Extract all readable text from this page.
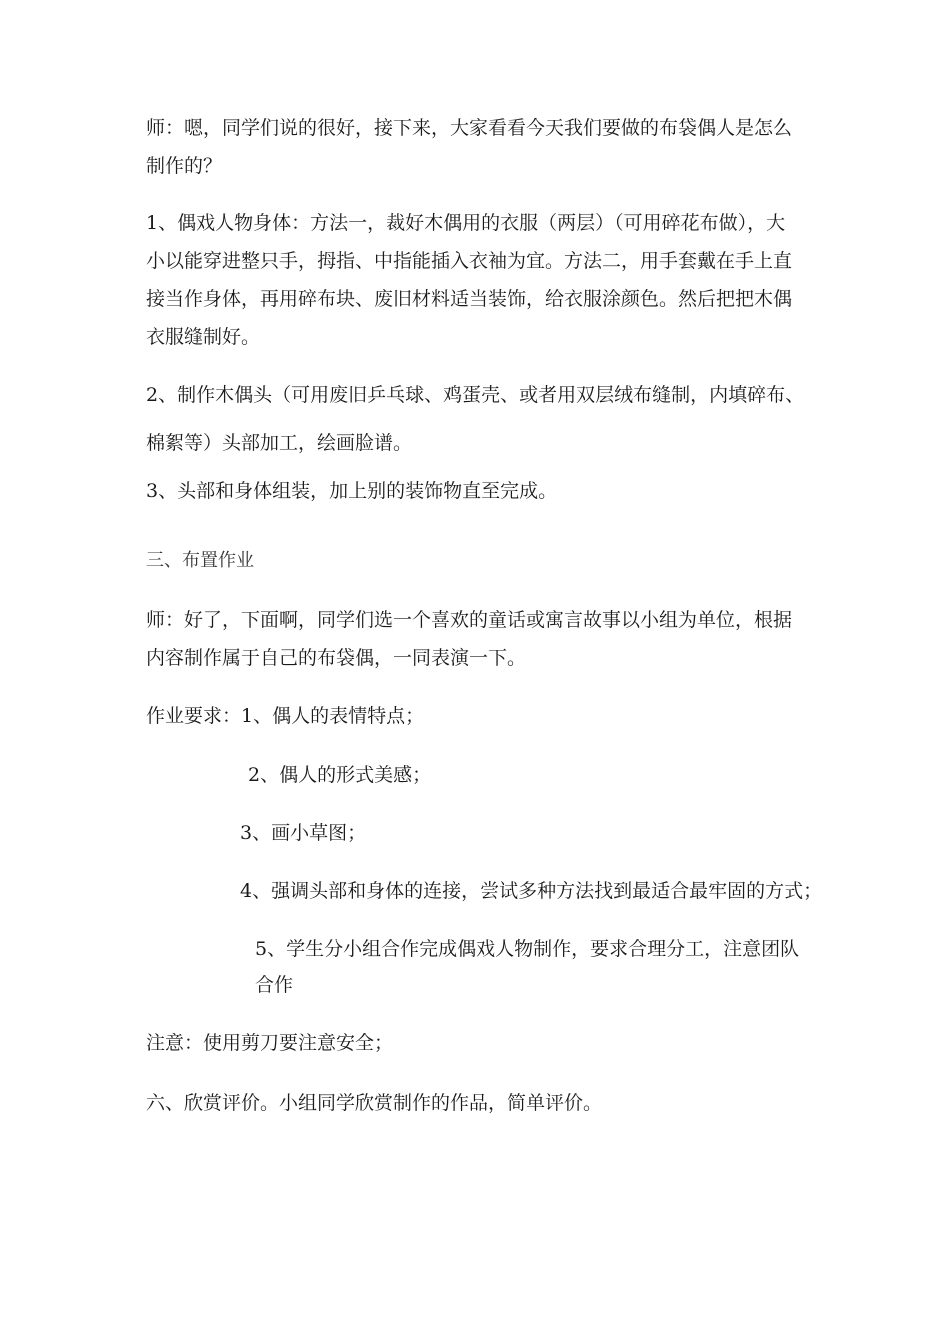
师：嗯，同学们说的很好，接下来，大家看看今天我们要做的布袋偶人是怎么
制作的？
1、偶戏人物身体：方法一，裁好木偶用的衣服（两层）（可用碎花布做），大
小以能穿进整只手，拇指、中指能插入衣袖为宜。方法二，用手套戴在手上直
接当作身体，再用碎布块、废旧材料适当装饰，给衣服涂颜色。然后把把木偶
衣服缝制好。
2、制作木偶头（可用废旧乒乓球、鸡蛋壳、或者用双层绒布缝制，内填碎布、
棉絮等）头部加工，绘画脸谱。
3、头部和身体组装，加上别的装饰物直至完成。
三、布置作业
师：好了，下面啊，同学们选一个喜欢的童话或寓言故事以小组为单位，根据
内容制作属于自己的布袋偶，一同表演一下。
作业要求：1、偶人的表情特点；
2、偶人的形式美感；
3、画小草图；
4、强调头部和身体的连接，尝试多种方法找到最适合最牢固的方式；
5、学生分小组合作完成偶戏人物制作，要求合理分工，注意团队
合作
注意：使用剪刀要注意安全；
六、欣赏评价。小组同学欣赏制作的作品，简单评价。
